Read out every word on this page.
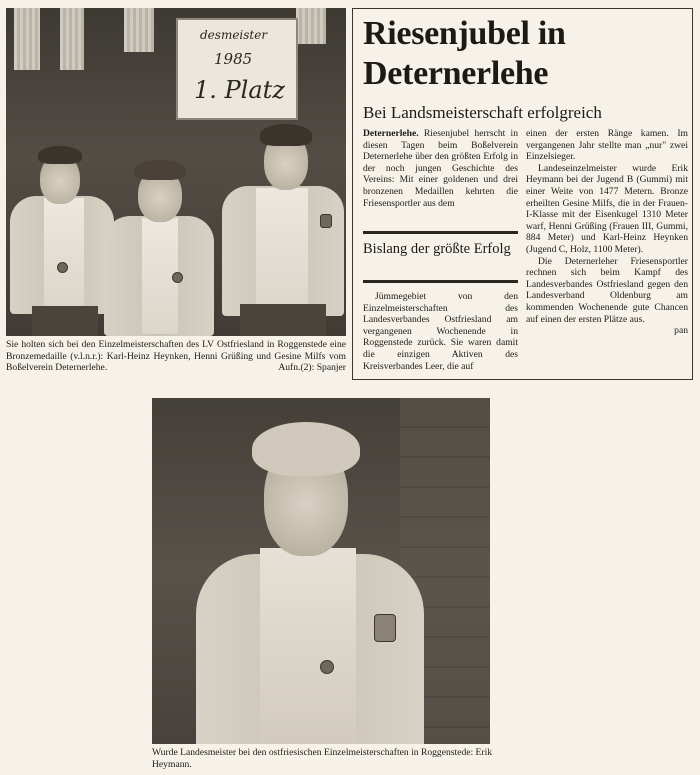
desmeister
1985
1. Platz
Sie holten sich bei den Einzelmeisterschaften des LV Ostfriesland in Roggenstede eine Bronzemedaille (v.l.n.r.): Karl-Heinz Heynken, Henni Grüßing und Gesine Milfs vom Boßelverein Deternerlehe.	Aufn.(2): Spanjer
Riesenjubel in Deternerlehe
Bei Landsmeisterschaft erfolgreich

Deternerlehe. Riesenjubel herrscht in diesen Tagen beim Boßelverein Deternerlehe über den größten Erfolg in der noch jungen Geschichte des Vereins: Mit einer goldenen und drei bronzenen Medaillen kehrten die Friesensportler aus dem

Bislang der größte Erfolg

Jümmegebiet von den Einzelmeisterschaften des Landesverbandes Ostfriesland am vergangenen Wochenende in Roggenstede zurück. Sie waren damit die einzigen Aktiven des Kreisverbandes Leer, die auf

einen der ersten Ränge kamen. Im vergangenen Jahr stellte man „nur" zwei Einzelsieger.

Landeseinzelmeister wurde Erik Heymann bei der Jugend B (Gummi) mit einer Weite von 1477 Metern. Bronze erheilten Gesine Milfs, die in der Frauen-I-Klasse mit der Eisenkugel 1310 Meter warf, Henni Grüßing (Frauen III, Gummi, 884 Meter) und Karl-Heinz Heynken (Jugend C, Holz, 1100 Meter).

Die Deternerleher Friesensportler rechnen sich beim Kampf des Landesverbandes Ostfriesland gegen den Landesverband Oldenburg am kommenden Wochenende gute Chancen auf einen der ersten Plätze aus.

pan
Wurde Landesmeister bei den ostfriesischen Einzelmeisterschaften in Roggenstede: Erik Heymann.
